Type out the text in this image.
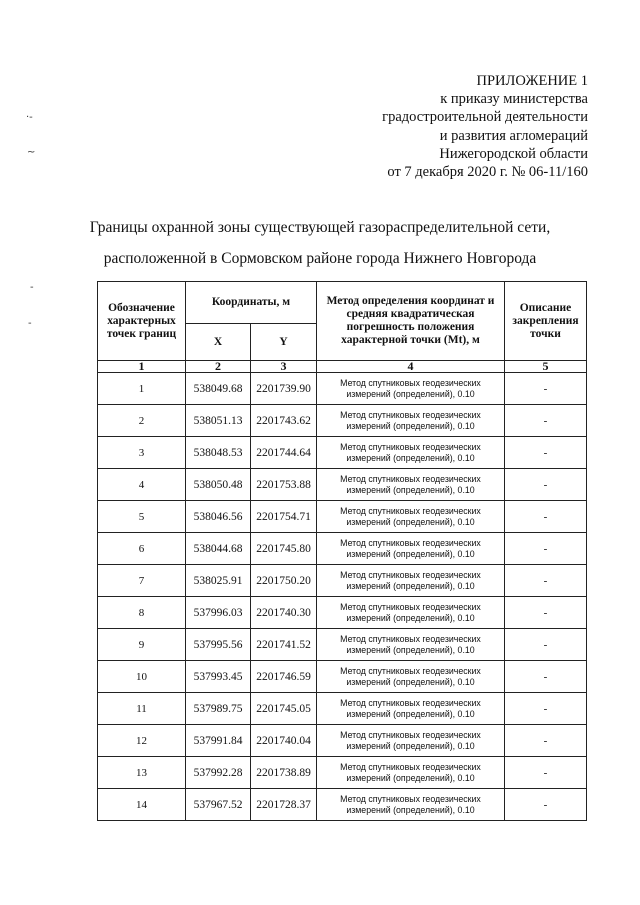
·-
~
-
-
ПРИЛОЖЕНИЕ 1
к приказу министерства
градостроительной деятельности
и развития агломераций
Нижегородской области
от 7 декабря 2020 г. № 06-11/160
Границы охранной зоны существующей газораспределительной сети,
расположенной в Сормовском районе города Нижнего Новгорода
Обозначение характерных точек границ	Координаты, м		Метод определения координат и средняя квадратическая погрешность положения характерной точки (Mt), м	Описание закрепления точки
	X	Y		
1	2	3	4	5
1	538049.68	2201739.90	Метод спутниковых геодезических измерений (определений), 0.10	-
2	538051.13	2201743.62	Метод спутниковых геодезических измерений (определений), 0.10	-
3	538048.53	2201744.64	Метод спутниковых геодезических измерений (определений), 0.10	-
4	538050.48	2201753.88	Метод спутниковых геодезических измерений (определений), 0.10	-
5	538046.56	2201754.71	Метод спутниковых геодезических измерений (определений), 0.10	-
6	538044.68	2201745.80	Метод спутниковых геодезических измерений (определений), 0.10	-
7	538025.91	2201750.20	Метод спутниковых геодезических измерений (определений), 0.10	-
8	537996.03	2201740.30	Метод спутниковых геодезических измерений (определений), 0.10	-
9	537995.56	2201741.52	Метод спутниковых геодезических измерений (определений), 0.10	-
10	537993.45	2201746.59	Метод спутниковых геодезических измерений (определений), 0.10	-
11	537989.75	2201745.05	Метод спутниковых геодезических измерений (определений), 0.10	-
12	537991.84	2201740.04	Метод спутниковых геодезических измерений (определений), 0.10	-
13	537992.28	2201738.89	Метод спутниковых геодезических измерений (определений), 0.10	-
14	537967.52	2201728.37	Метод спутниковых геодезических измерений (определений), 0.10	-
